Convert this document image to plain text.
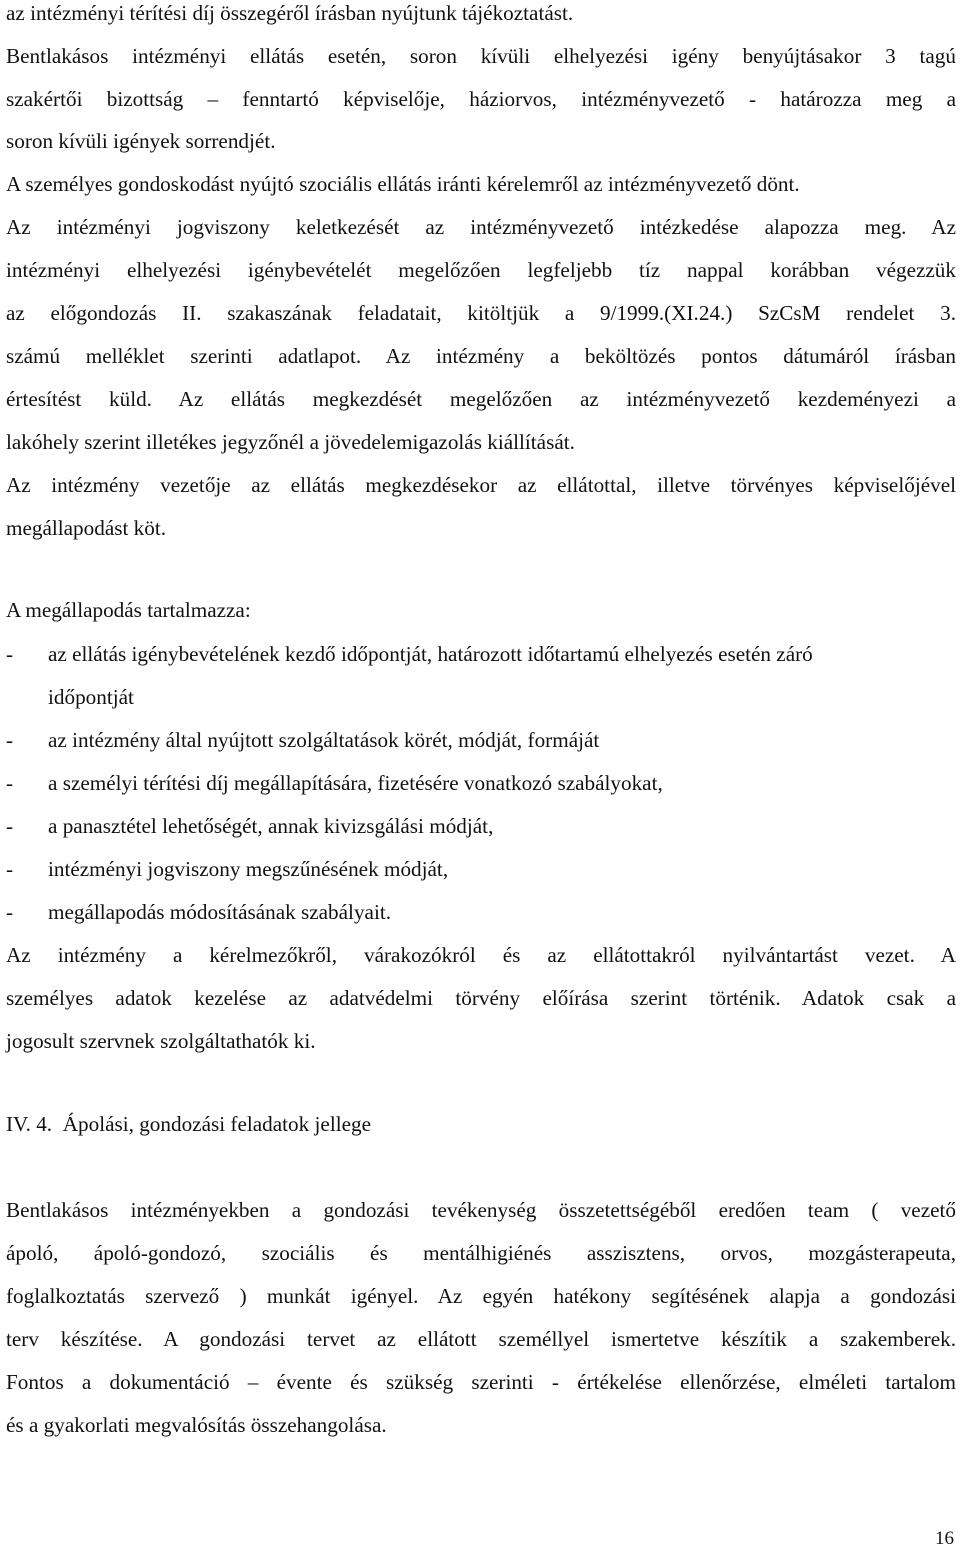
az intézményi térítési díj összegéről írásban nyújtunk tájékoztatást.
Bentlakásos intézményi ellátás esetén, soron kívüli elhelyezési igény benyújtásakor 3 tagú
szakértői bizottság – fenntartó képviselője, háziorvos, intézményvezető - határozza meg a
soron kívüli igények sorrendjét.
A személyes gondoskodást nyújtó szociális ellátás iránti kérelemről az intézményvezető dönt.
Az intézményi jogviszony keletkezését az intézményvezető intézkedése alapozza meg. Az
intézményi elhelyezési igénybevételét megelőzően legfeljebb tíz nappal korábban végezzük
az előgondozás II. szakaszának feladatait, kitöltjük a 9/1999.(XI.24.) SzCsM rendelet 3.
számú melléklet szerinti adatlapot. Az intézmény a beköltözés pontos dátumáról írásban
értesítést küld. Az ellátás megkezdését megelőzően az intézményvezető kezdeményezi a
lakóhely szerint illetékes jegyzőnél a jövedelemigazolás kiállítását.
Az intézmény vezetője az ellátás megkezdésekor az ellátottal, illetve törvényes képviselőjével
megállapodást köt.
A megállapodás tartalmazza:
- az ellátás igénybevételének kezdő időpontját, határozott időtartamú elhelyezés esetén záró
időpontját
- az intézmény által nyújtott szolgáltatások körét, módját, formáját
- a személyi térítési díj megállapítására, fizetésére vonatkozó szabályokat,
- a panasztétel lehetőségét, annak kivizsgálási módját,
- intézményi jogviszony megszűnésének módját,
- megállapodás módosításának szabályait.
Az intézmény a kérelmezőkről, várakozókról és az ellátottakról nyilvántartást vezet. A
személyes adatok kezelése az adatvédelmi törvény előírása szerint történik. Adatok csak a
jogosult szervnek szolgáltathatók ki.
IV. 4.  Ápolási, gondozási feladatok jellege
Bentlakásos intézményekben a gondozási tevékenység összetettségéből eredően team ( vezető
ápoló, ápoló-gondozó, szociális és mentálhigiénés asszisztens, orvos, mozgásterapeuta,
foglalkoztatás szervező ) munkát igényel. Az egyén hatékony segítésének alapja a gondozási
terv készítése. A gondozási tervet az ellátott személlyel ismertetve készítik a szakemberek.
Fontos a dokumentáció – évente és szükség szerinti - értékelése ellenőrzése, elméleti tartalom
és a gyakorlati megvalósítás összehangolása.
16
